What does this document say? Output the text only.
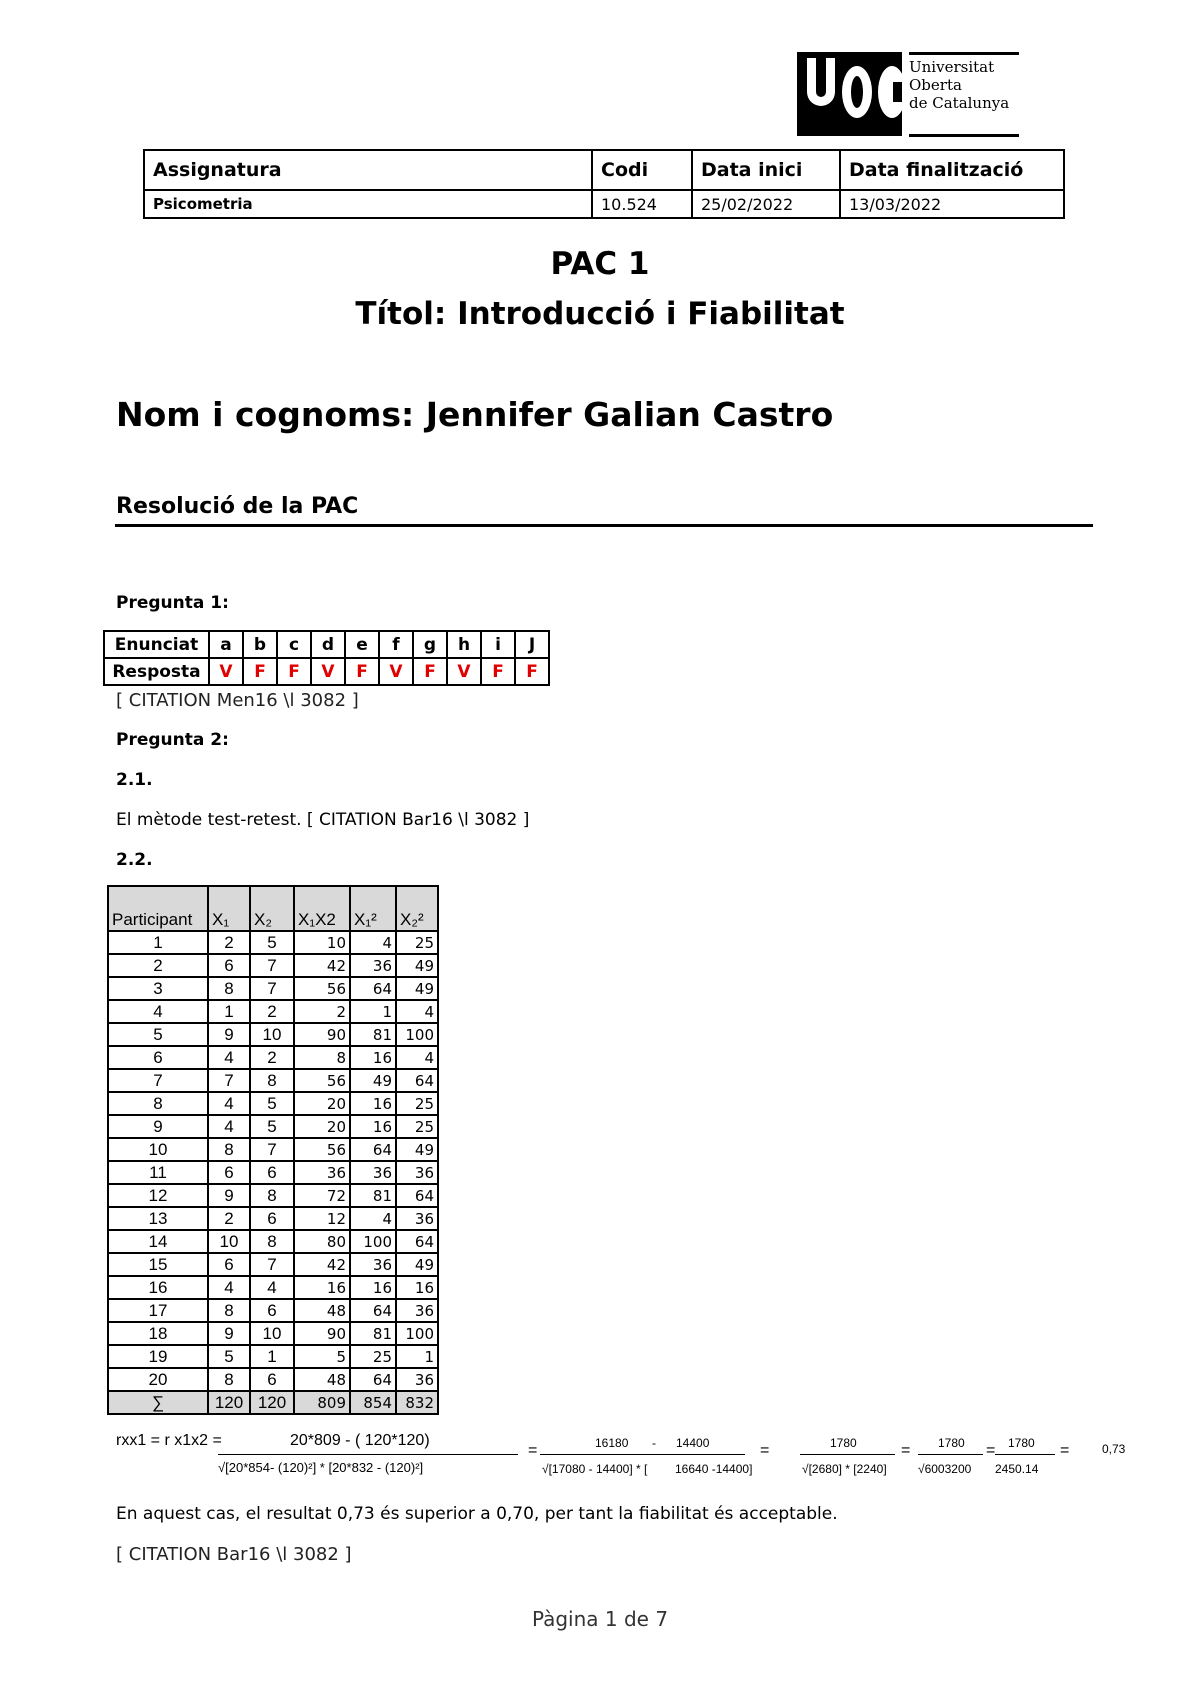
Universitat
Oberta
de Catalunya
Assignatura	Codi	Data inici	Data finalització
Psicometria	10.524	25/02/2022	13/03/2022
PAC 1
Títol: Introducció i Fiabilitat
Nom i cognoms: Jennifer Galian Castro
Resolució de la PAC
Pregunta 1:
Enunciat	a	b	c	d	e	f	g	h	i	J
Resposta	V	F	F	V	F	V	F	V	F	F
[ CITATION Men16 \l 3082 ]
Pregunta 2:
2.1.
El mètode test-retest. [ CITATION Bar16 \l 3082 ]
2.2.
Participant	X₁	X₂	X₁X2	X₁²	X₂²
1	2	5	10	4	25
2	6	7	42	36	49
3	8	7	56	64	49
4	1	2	2	1	4
5	9	10	90	81	100
6	4	2	8	16	4
7	7	8	56	49	64
8	4	5	20	16	25
9	4	5	20	16	25
10	8	7	56	64	49
11	6	6	36	36	36
12	9	8	72	81	64
13	2	6	12	4	36
14	10	8	80	100	64
15	6	7	42	36	49
16	4	4	16	16	16
17	8	6	48	64	36
18	9	10	90	81	100
19	5	1	5	25	1
20	8	6	48	64	36
∑	120	120	809	854	832
rxx1 = r x1x2 =	20*809 - ( 120*120)
√[20*854- (120)²] * [20*832 - (120)²]
=	16180 - 14400
√[17080 - 14400] * [ 16640 -14400]
=	1780
√[2680] * [2240]
= 1780
√6003200
= 1780
2450.14
=	0,73
En aquest cas, el resultat 0,73 és superior a 0,70, per tant la fiabilitat és acceptable.
[ CITATION Bar16 \l 3082 ]
Pàgina 1 de 7
